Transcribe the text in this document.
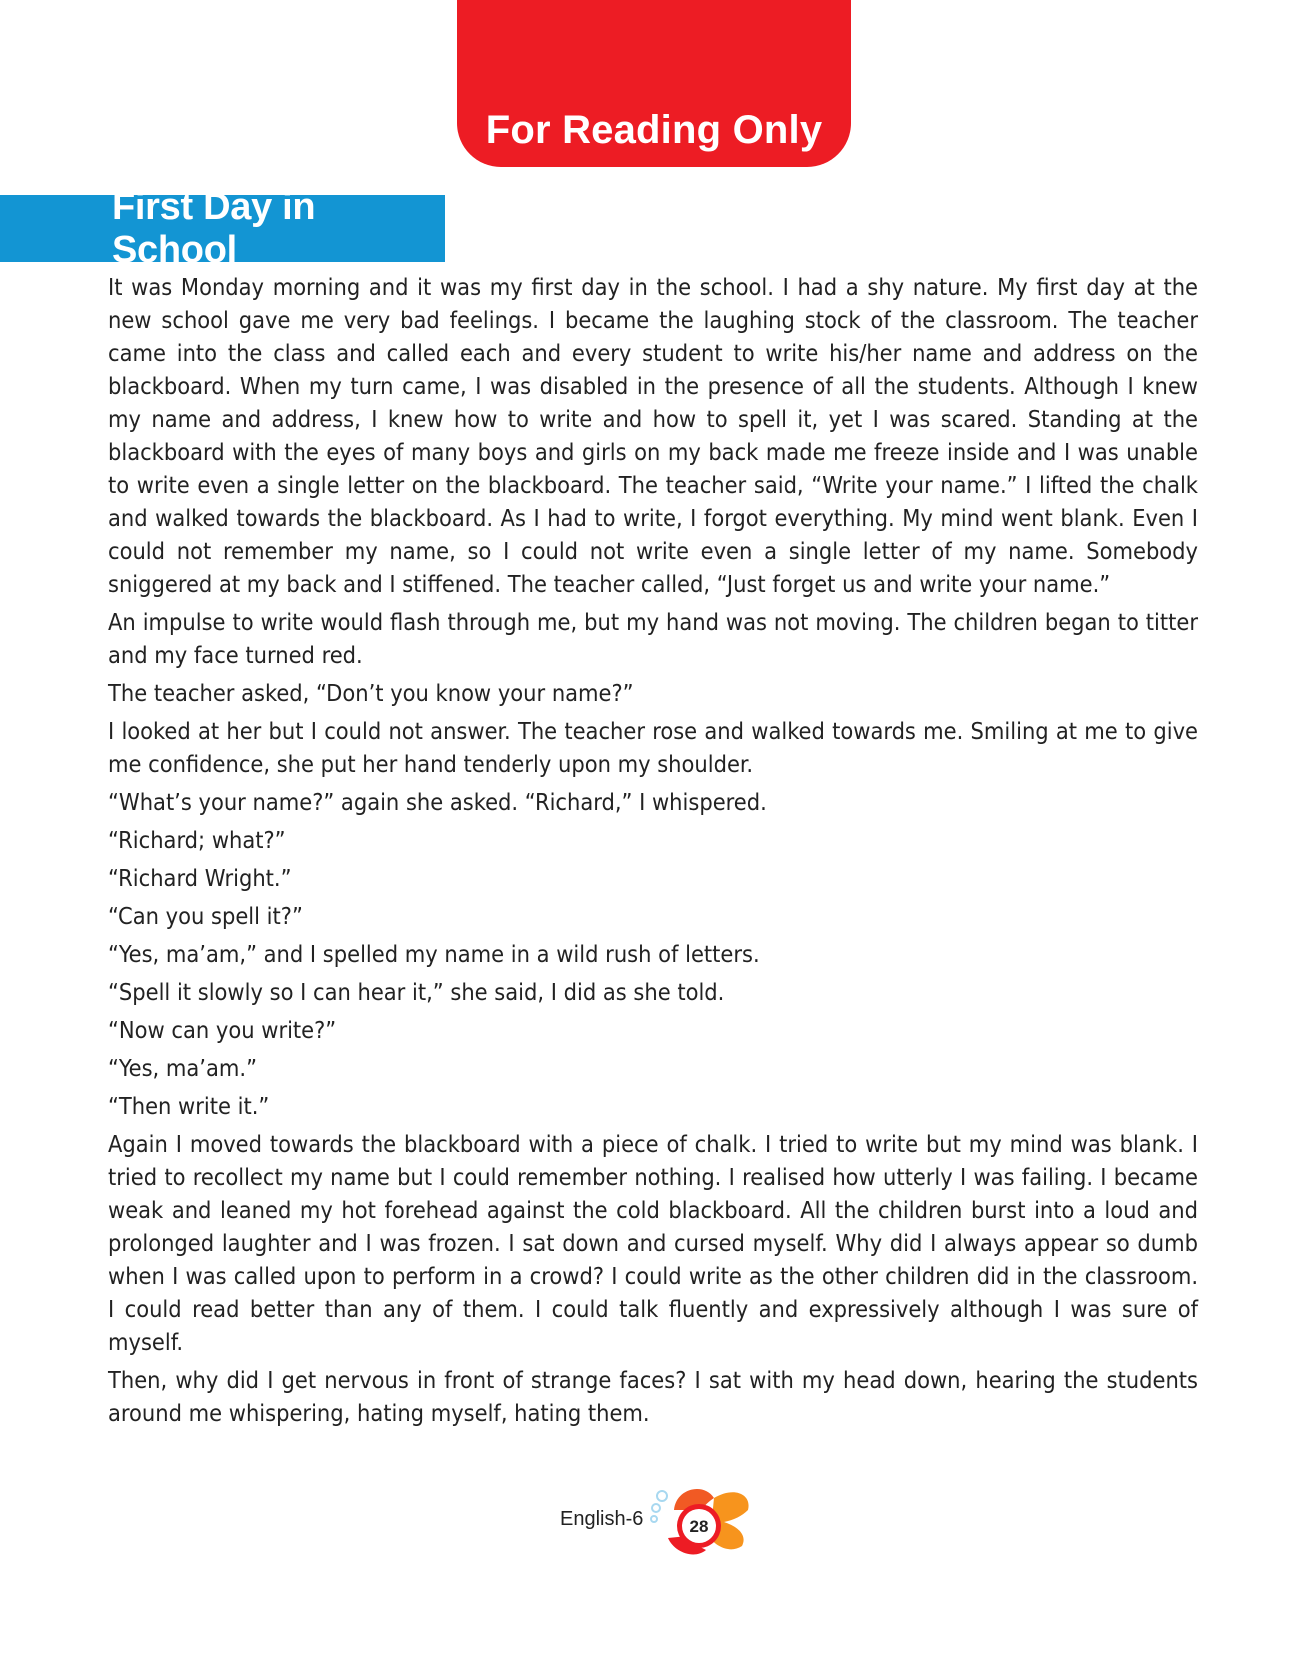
For Reading Only
First Day in School

It was Monday morning and it was my first day in the school. I had a shy nature. My first day at the new school gave me very bad feelings. I became the laughing stock of the classroom. The teacher came into the class and called each and every student to write his/her name and address on the blackboard. When my turn came, I was disabled in the presence of all the students. Although I knew my name and address, I knew how to write and how to spell it, yet I was scared. Standing at the blackboard with the eyes of many boys and girls on my back made me freeze inside and I was unable to write even a single letter on the blackboard. The teacher said, “Write your name.” I lifted the chalk and walked towards the blackboard. As I had to write, I forgot everything. My mind went blank. Even I could not remember my name, so I could not write even a single letter of my name. Somebody sniggered at my back and I stiffened. The teacher called, “Just forget us and write your name.”

An impulse to write would flash through me, but my hand was not moving. The children began to titter and my face turned red.

The teacher asked, “Don’t you know your name?”

I looked at her but I could not answer. The teacher rose and walked towards me. Smiling at me to give me confidence, she put her hand tenderly upon my shoulder.

“What’s your name?” again she asked. “Richard,” I whispered.

“Richard; what?”

“Richard Wright.”

“Can you spell it?”

“Yes, ma’am,” and I spelled my name in a wild rush of letters.

“Spell it slowly so I can hear it,” she said, I did as she told.

“Now can you write?”

“Yes, ma’am.”

“Then write it.”

Again I moved towards the blackboard with a piece of chalk. I tried to write but my mind was blank. I tried to recollect my name but I could remember nothing. I realised how utterly I was failing. I became weak and leaned my hot forehead against the cold blackboard. All the children burst into a loud and prolonged laughter and I was frozen. I sat down and cursed myself. Why did I always appear so dumb when I was called upon to perform in a crowd? I could write as the other children did in the classroom. I could read better than any of them. I could talk fluently and expressively although I was sure of myself.

Then, why did I get nervous in front of strange faces? I sat with my head down, hearing the students around me whispering, hating myself, hating them.

English-6	28
